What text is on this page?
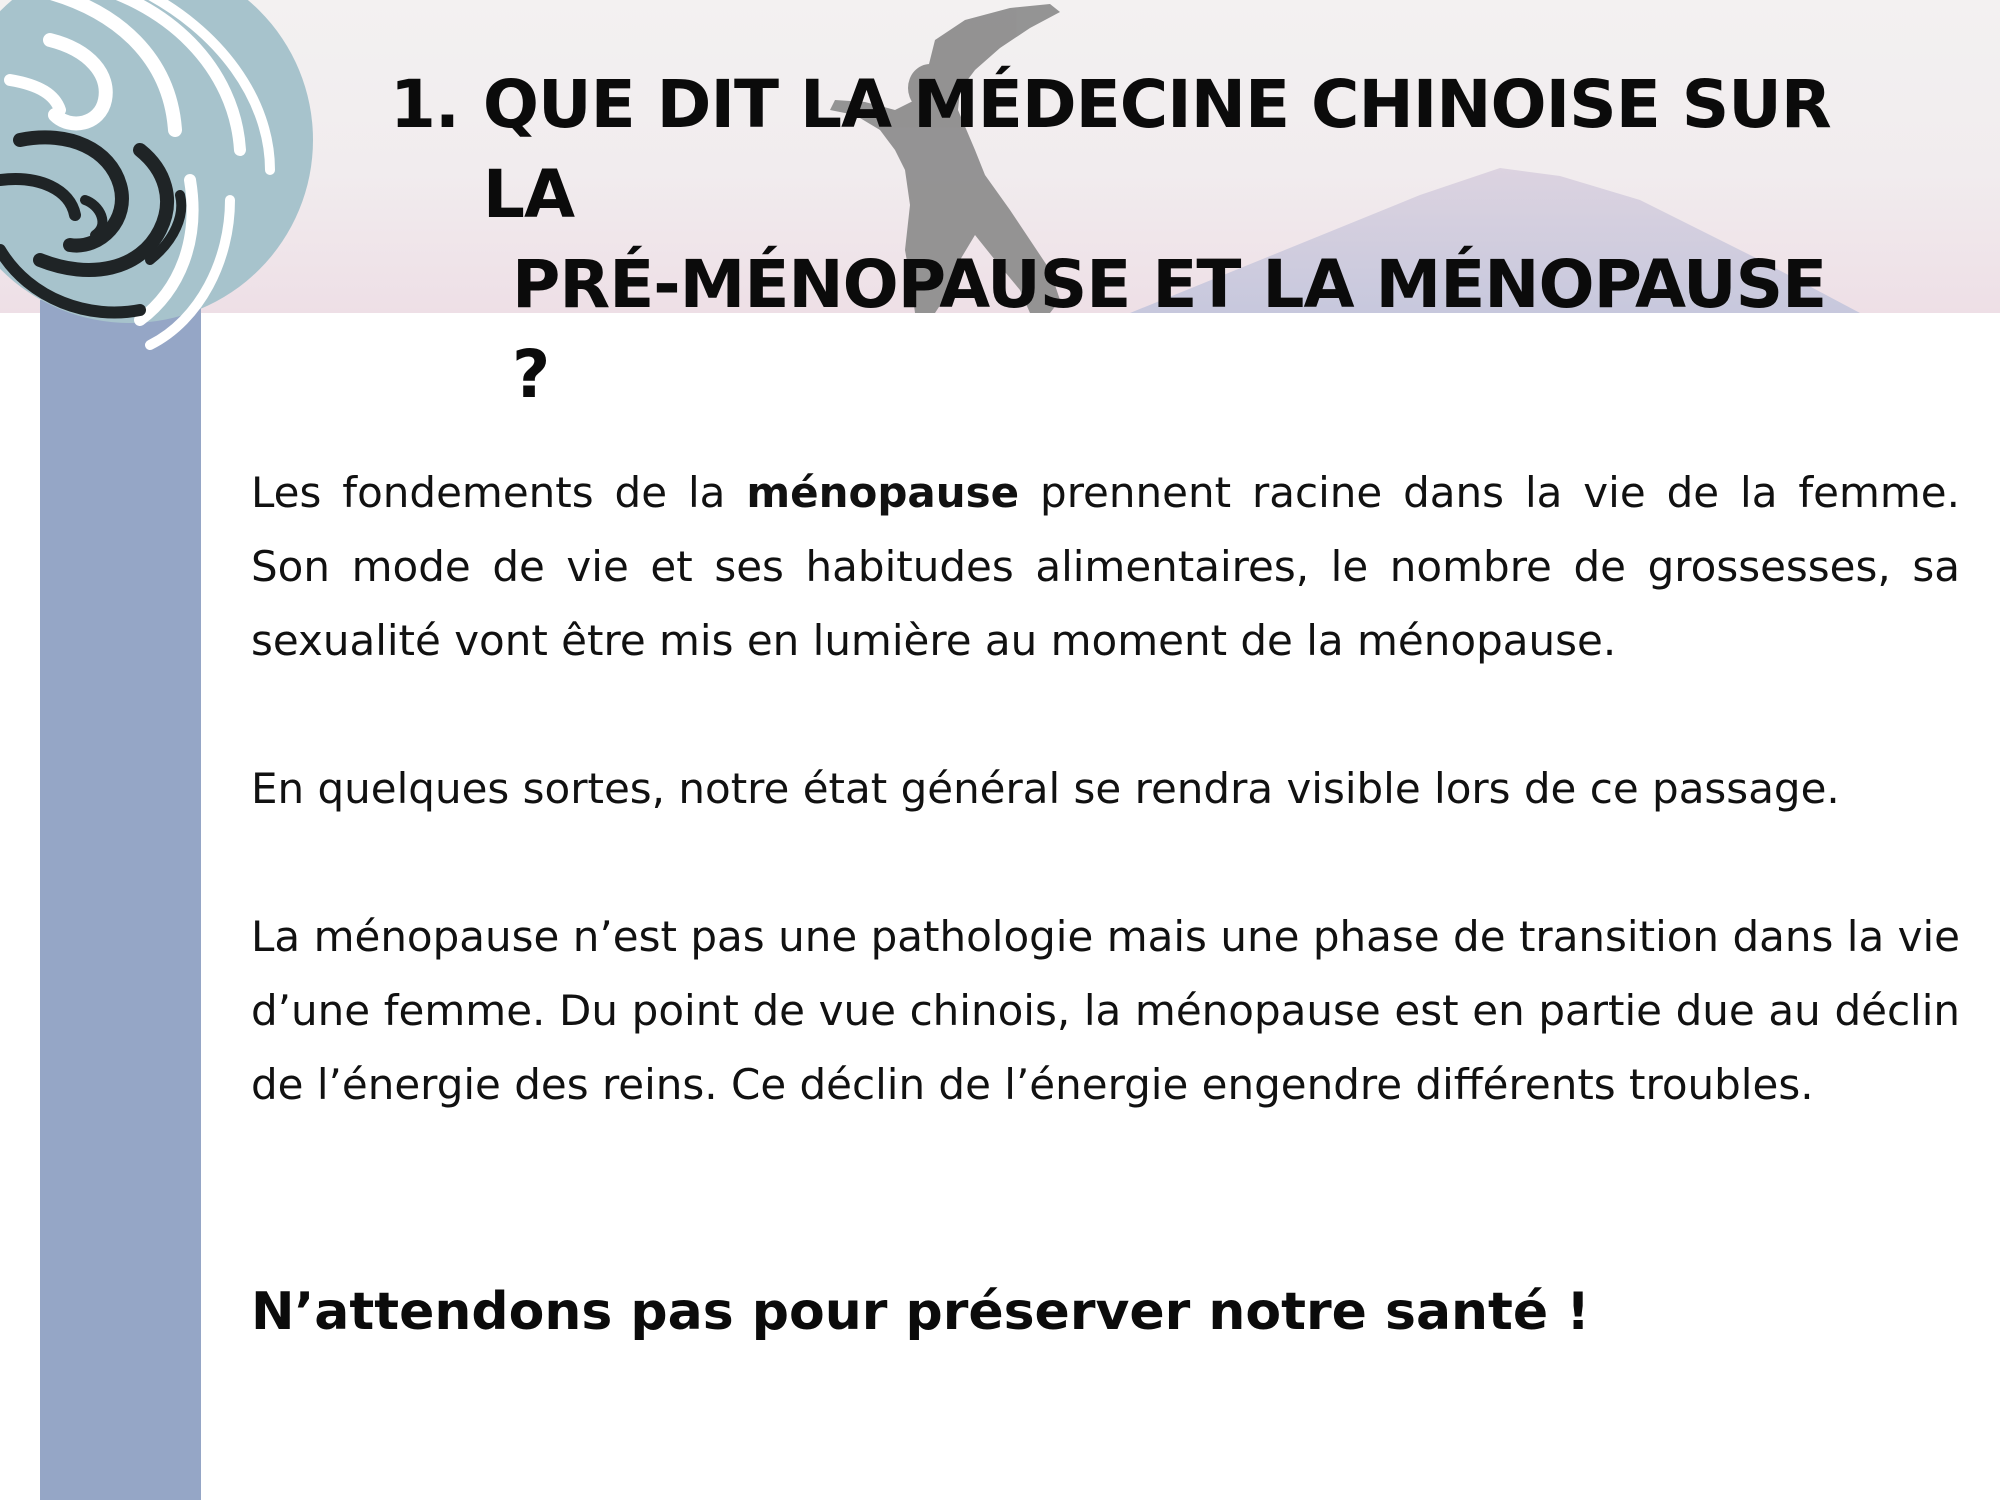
1. QUE DIT LA MÉDECINE CHINOISE SUR LA
PRÉ-MÉNOPAUSE ET LA MÉNOPAUSE ?

Les fondements de la ménopause prennent racine dans la vie de la femme. Son mode de vie et ses habitudes alimentaires, le nombre de grossesses, sa sexualité vont être mis en lumière au moment de la ménopause.

En quelques sortes, notre état général se rendra visible lors de ce passage.

La ménopause n’est pas une pathologie mais une phase de transition dans la vie d’une femme. Du point de vue chinois, la ménopause est en partie due au déclin de l’énergie des reins. Ce déclin de l’énergie engendre différents troubles.

N’attendons pas pour préserver notre santé !
